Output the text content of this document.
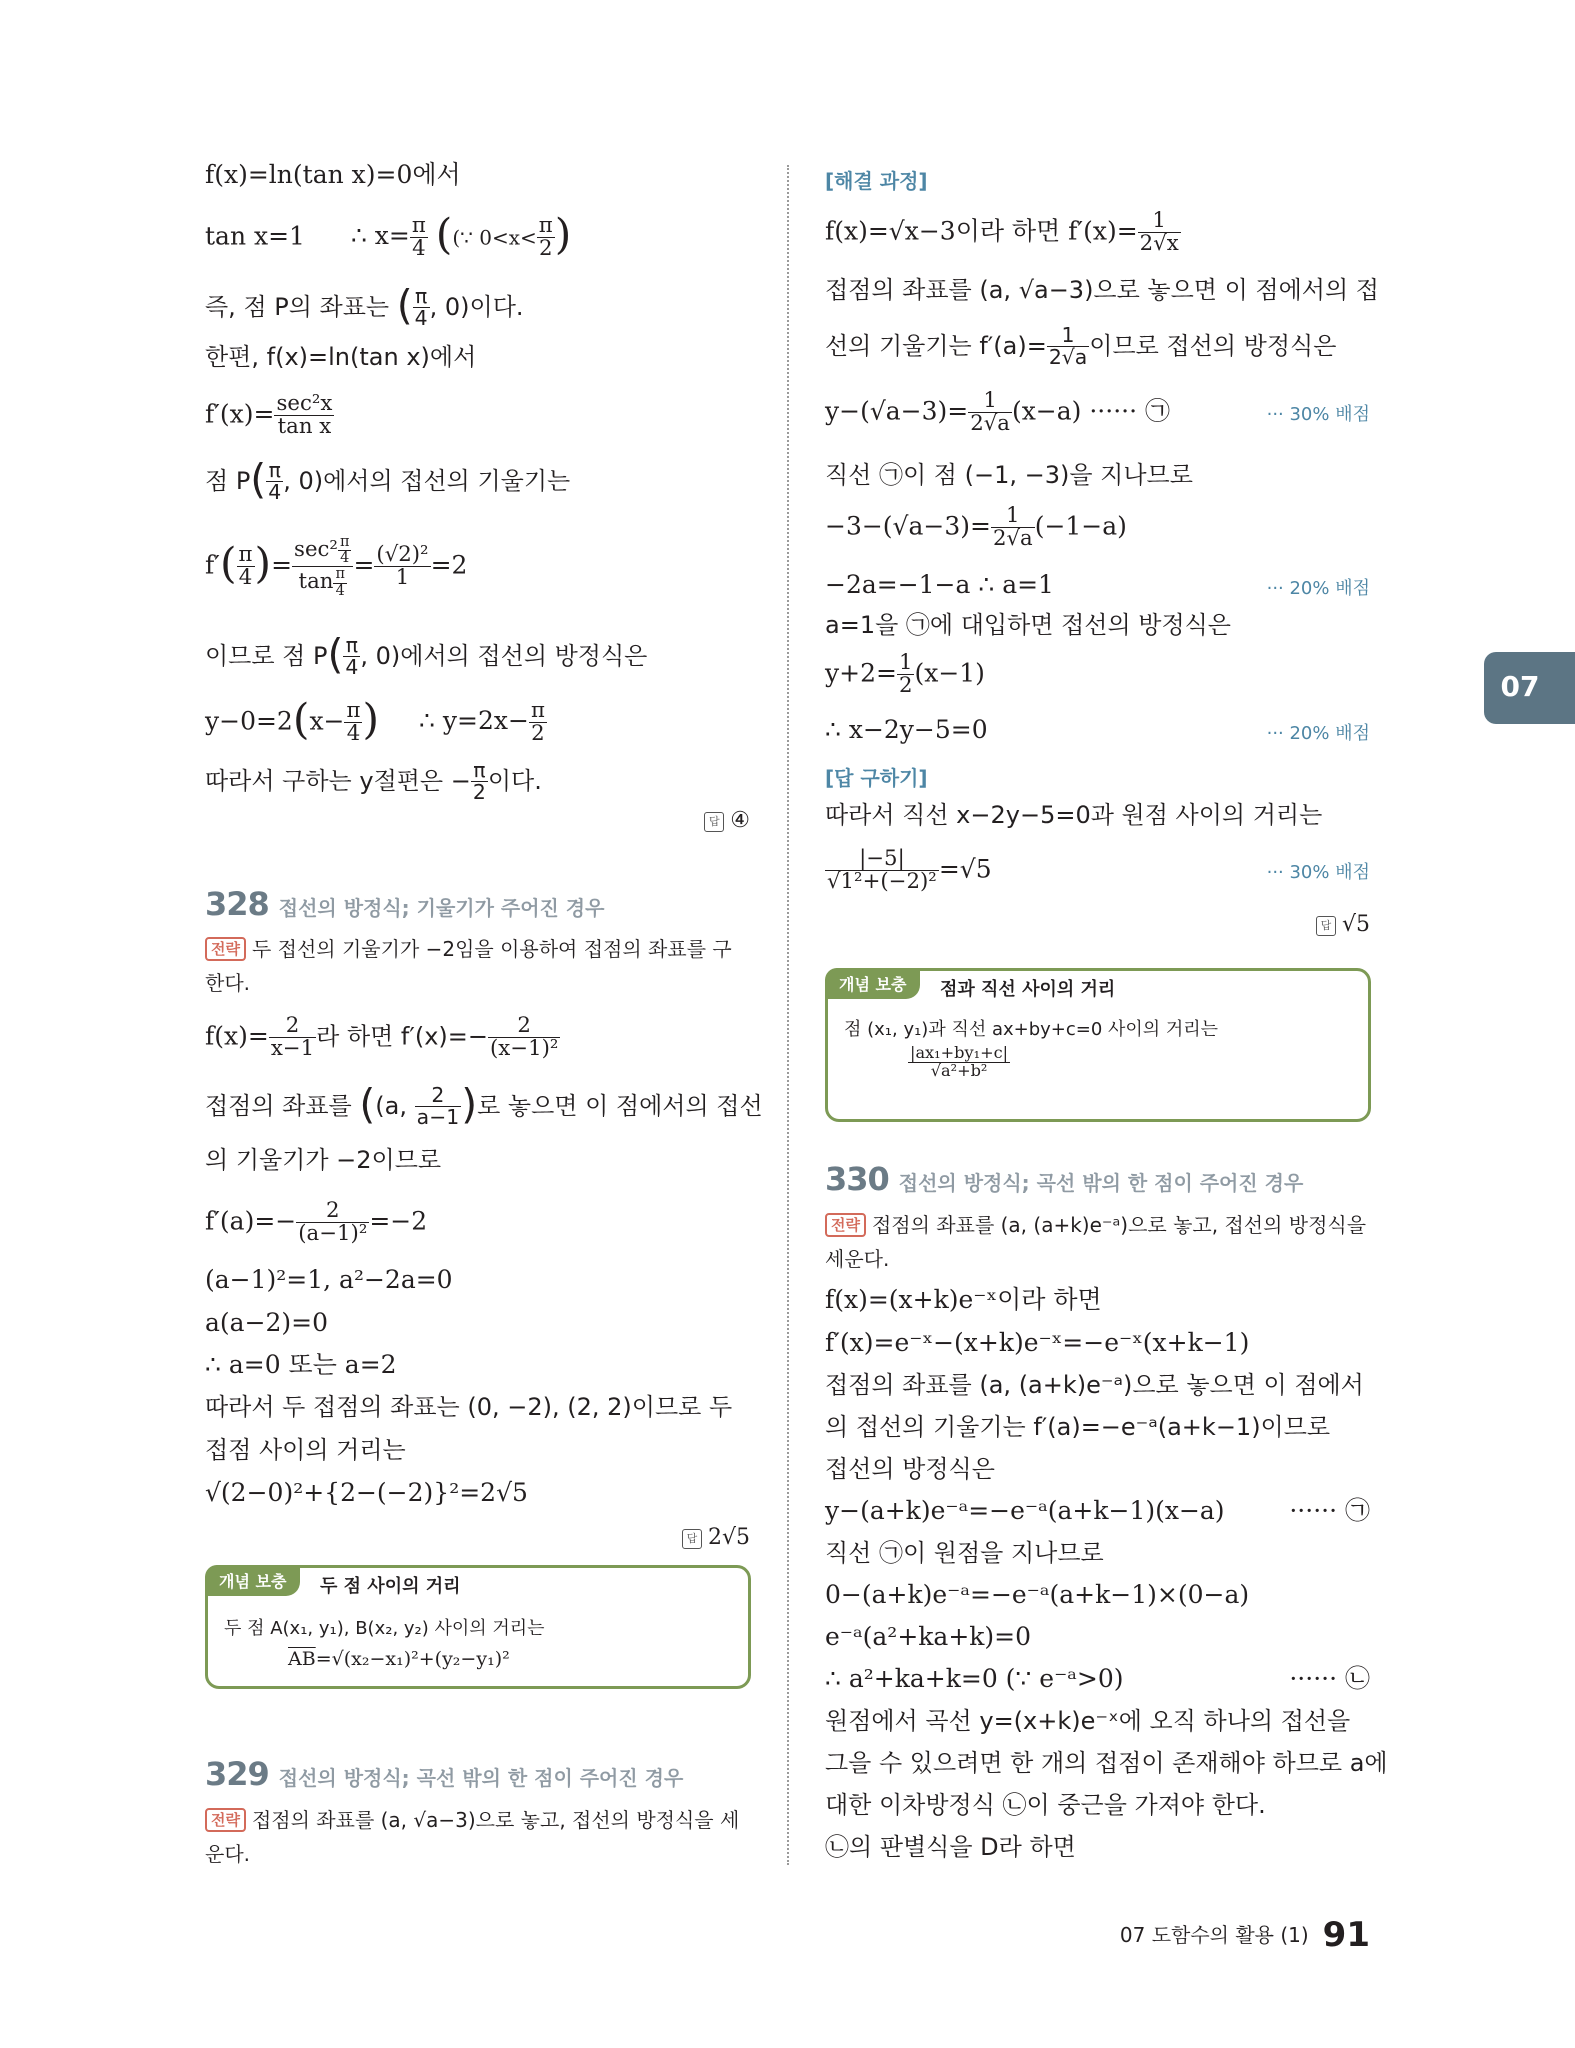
f(x)=ln(tan x)=0에서
tan x=1 ∴ $x= \frac{\pi}{4}$ ((∵ $0<x< \frac{\pi}{2}$ )
즉, 점 P의 좌표는 ( $\frac{\pi}{4}$ , 0)이다.
한편, f(x)=ln(tan x)에서
f′(x)= sec²x
tan x
점 $P( \frac{\pi}{4}$ , 0)에서의 접선의 기울기는
$f'( \frac{\pi}{4}$ )=
$\sec^2 \frac{\pi}{4}$
$\tan \frac{\pi}{4}$
= $\frac{\text{(√2)²}}{1} =2$
이므로 점 $P( \frac{\pi}{4}$ , 0)에서의 접선의 방정식은
$y-0=2(x- \frac{\pi}{4}$ ) ∴ $y=2x- \frac{\pi}{2}$
따라서 구하는 y절편은 − $\frac{\pi}{2}$ 이다.
답 ④
328 접선의 방정식; 기울기가 주어진 경우
전략 두 접선의 기울기가 −2임을 이용하여 접점의 좌표를 구한다.
$f(x)= \frac{2}{x-1}$ 라 하면 $f'(x)=- \frac{2}{\text{(x−1)²}}$
접점의 좌표를 ((a, $\frac{2}{a-1}$ )로 놓으면 이 점에서의 접선
의 기울기가 −2이므로
$f'(a)=- \frac{2}{\text{(a−1)²}} =-2$
(a−1)²=1, a²−2a=0
a(a−2)=0
∴ a=0 또는 a=2
따라서 두 접점의 좌표는 (0, −2), (2, 2)이므로 두
접점 사이의 거리는
√(2−0)²+{2−(−2)}²=2√5
답 2√5
개념 보충	두 점 사이의 거리
두 점 A(x₁, y₁), B(x₂, y₂) 사이의 거리는
$\overline{AB}=√(x_2-x_1)^2+(y_2-y_1)^2$
329 접선의 방정식; 곡선 밖의 한 점이 주어진 경우
전략 접점의 좌표를 (a, √a−3)으로 놓고, 접선의 방정식을 세운다.
[해결 과정]
f(x)=√x−3이라 하면 $f'(x)= \frac{1}{2√x}$
접점의 좌표를 (a, √a−3)으로 놓으면 이 점에서의 접
선의 기울기는 $f'(a)= \frac{1}{2√a}$ 이므로 접선의 방정식은
$y-(√a-3)= \frac{1}{2√a} (x-a)$ ······ ㉠	··· 30% 배점
직선 ㉠이 점 (−1, −3)을 지나므로
$-3-(√a-3)= \frac{1}{2√a} (-1-a)$
−2a=−1−a ∴ a=1	··· 20% 배점
a=1을 ㉠에 대입하면 접선의 방정식은
$y+2= \frac{1}{2} (x-1)$
∴ x−2y−5=0	··· 20% 배점
[답 구하기]
따라서 직선 x−2y−5=0과 원점 사이의 거리는
$\frac{|-5|}{\text{√1²+(−2)²}} =√5$	··· 30% 배점
답 √5
개념 보충	점과 직선 사이의 거리
점 (x₁, y₁)과 직선 ax+by+c=0 사이의 거리는
$\frac{\text{|ax₁+by₁+c|}}{\text{√a²+b²}}$
330 접선의 방정식; 곡선 밖의 한 점이 주어진 경우
전략 접점의 좌표를 (a, (a+k)e⁻ᵃ)으로 놓고, 접선의 방정식을 세운다.
f(x)=(x+k)e⁻ˣ이라 하면
f′(x)=e⁻ˣ−(x+k)e⁻ˣ=−e⁻ˣ(x+k−1)
접점의 좌표를 (a, (a+k)e⁻ᵃ)으로 놓으면 이 점에서
의 접선의 기울기는 f′(a)=−e⁻ᵃ(a+k−1)이므로
접선의 방정식은
y−(a+k)e⁻ᵃ=−e⁻ᵃ(a+k−1)(x−a)	······ ㉠
직선 ㉠이 원점을 지나므로
0−(a+k)e⁻ᵃ=−e⁻ᵃ(a+k−1)×(0−a)
e⁻ᵃ(a²+ka+k)=0
∴ a²+ka+k=0 (∵ e⁻ᵃ>0)	······ ㉡
원점에서 곡선 y=(x+k)e⁻ˣ에 오직 하나의 접선을
그을 수 있으려면 한 개의 접점이 존재해야 하므로 a에
대한 이차방정식 ㉡이 중근을 가져야 한다.
㉡의 판별식을 D라 하면
07
07 도함수의 활용 (1) 91
